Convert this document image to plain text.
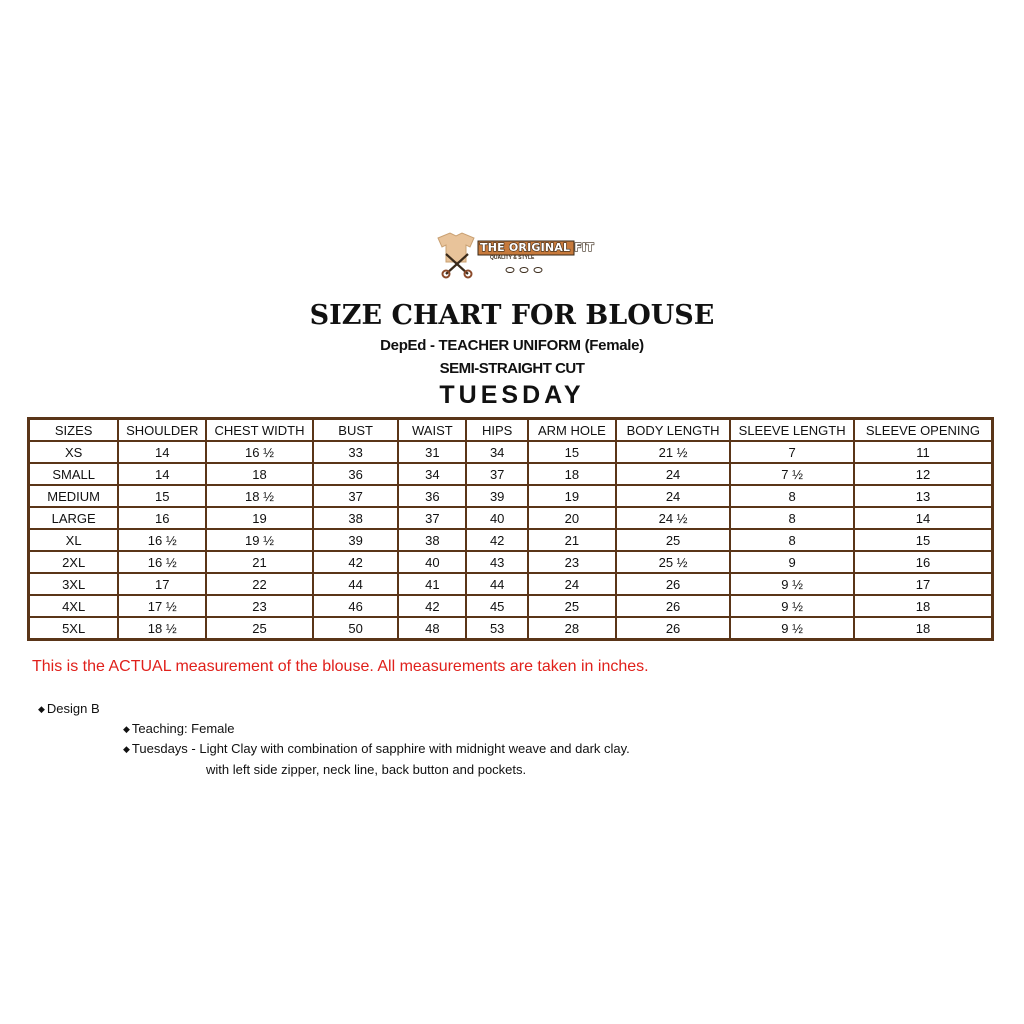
THE ORIGINAL FIT
QUALITY & STYLE
SIZE CHART FOR BLOUSE
DepEd - TEACHER UNIFORM (Female)
SEMI-STRAIGHT CUT
TUESDAY
SIZES	SHOULDER	CHEST WIDTH	BUST	WAIST	HIPS	ARM HOLE	BODY LENGTH	SLEEVE LENGTH	SLEEVE OPENING
XS	14	16 ½	33	31	34	15	21 ½	7	11
SMALL	14	18	36	34	37	18	24	7 ½	12
MEDIUM	15	18 ½	37	36	39	19	24	8	13
LARGE	16	19	38	37	40	20	24 ½	8	14
XL	16 ½	19 ½	39	38	42	21	25	8	15
2XL	16 ½	21	42	40	43	23	25 ½	9	16
3XL	17	22	44	41	44	24	26	9 ½	17
4XL	17 ½	23	46	42	45	25	26	9 ½	18
5XL	18 ½	25	50	48	53	28	26	9 ½	18
This is the ACTUAL measurement of the blouse. All measurements are taken in inches.
◆ Design B
◆ Teaching: Female
◆ Tuesdays - Light Clay with combination of sapphire with midnight weave and dark clay.
with left side zipper, neck line, back button and pockets.
